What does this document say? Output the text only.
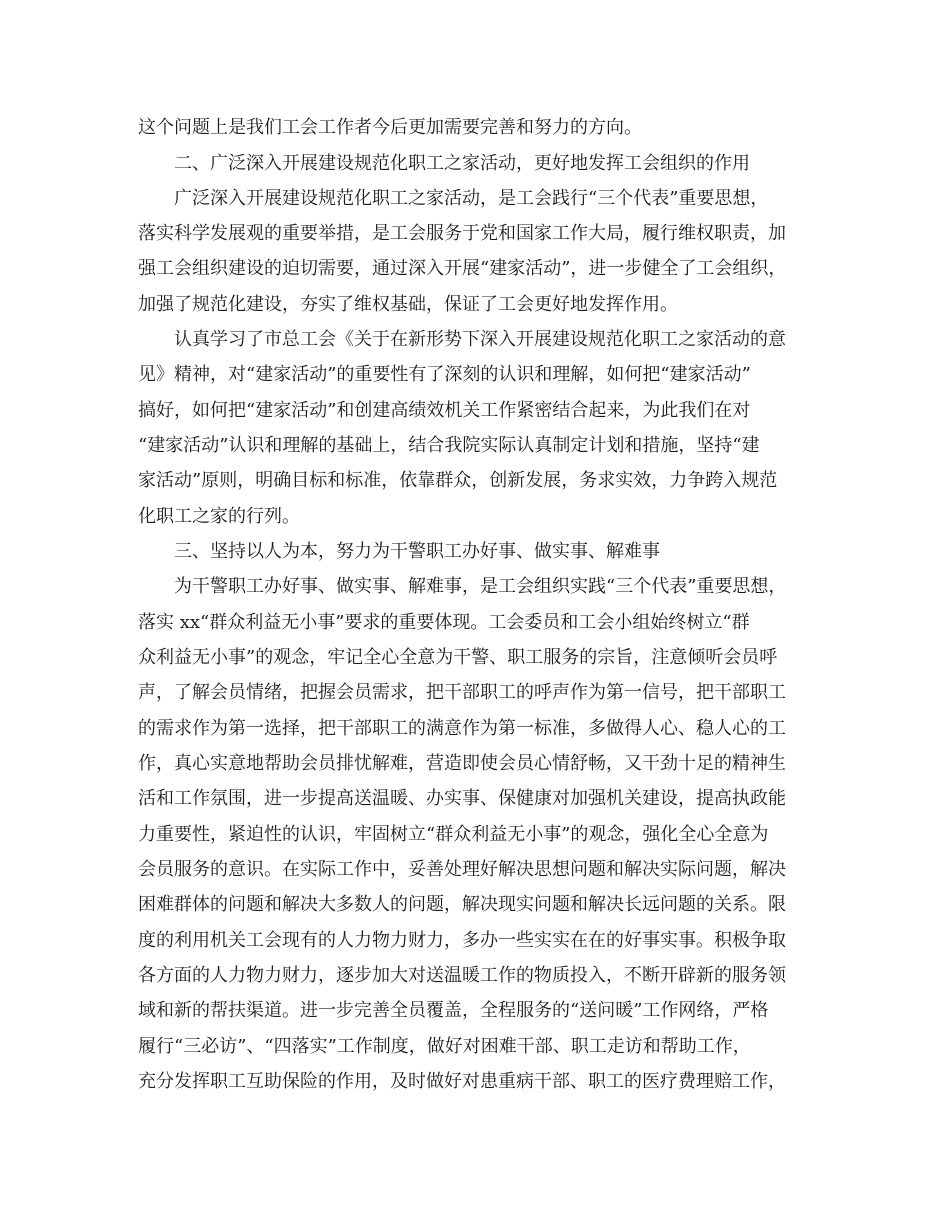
这个问题上是我们工会工作者今后更加需要完善和努力的方向。

二、广泛深入开展建设规范化职工之家活动，更好地发挥工会组织的作用

广泛深入开展建设规范化职工之家活动，是工会践行“三个代表”重要思想，

落实科学发展观的重要举措，是工会服务于党和国家工作大局，履行维权职责，加

强工会组织建设的迫切需要，通过深入开展“建家活动”，进一步健全了工会组织，

加强了规范化建设，夯实了维权基础，保证了工会更好地发挥作用。

认真学习了市总工会《关于在新形势下深入开展建设规范化职工之家活动的意

见》精神，对“建家活动”的重要性有了深刻的认识和理解，如何把“建家活动”

搞好，如何把“建家活动”和创建高绩效机关工作紧密结合起来，为此我们在对

“建家活动”认识和理解的基础上，结合我院实际认真制定计划和措施，坚持“建

家活动”原则，明确目标和标准，依靠群众，创新发展，务求实效，力争跨入规范

化职工之家的行列。

三、坚持以人为本，努力为干警职工办好事、做实事、解难事

为干警职工办好事、做实事、解难事，是工会组织实践“三个代表”重要思想，

落实 xx“群众利益无小事”要求的重要体现。工会委员和工会小组始终树立“群

众利益无小事”的观念，牢记全心全意为干警、职工服务的宗旨，注意倾听会员呼

声，了解会员情绪，把握会员需求，把干部职工的呼声作为第一信号，把干部职工

的需求作为第一选择，把干部职工的满意作为第一标准，多做得人心、稳人心的工

作，真心实意地帮助会员排忧解难，营造即使会员心情舒畅，又干劲十足的精神生

活和工作氛围，进一步提高送温暖、办实事、保健康对加强机关建设，提高执政能

力重要性，紧迫性的认识，牢固树立“群众利益无小事”的观念，强化全心全意为

会员服务的意识。在实际工作中，妥善处理好解决思想问题和解决实际问题，解决

困难群体的问题和解决大多数人的问题，解决现实问题和解决长远问题的关系。限

度的利用机关工会现有的人力物力财力，多办一些实实在在的好事实事。积极争取

各方面的人力物力财力，逐步加大对送温暖工作的物质投入，不断开辟新的服务领

域和新的帮扶渠道。进一步完善全员覆盖，全程服务的“送问暖”工作网络，严格

履行“三必访”、“四落实”工作制度，做好对困难干部、职工走访和帮助工作，

充分发挥职工互助保险的作用，及时做好对患重病干部、职工的医疗费理赔工作，
